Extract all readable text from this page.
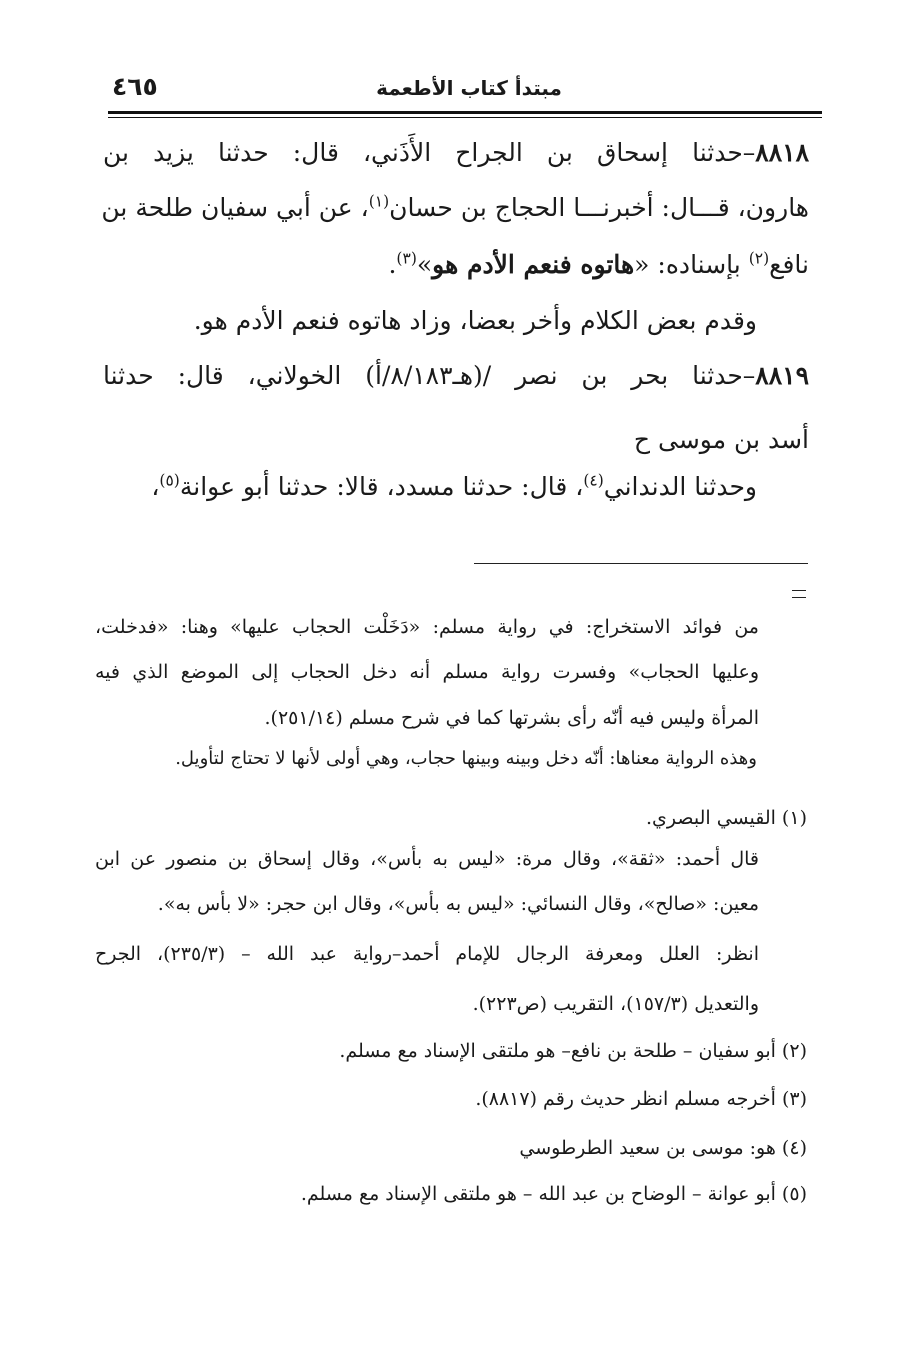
٤٦٥	مبتدأ كتاب الأطعمة
٨٨١٨–حدثنا إسحاق بن الجراح الأَذَني، قال: حدثنا يزيد بن
هارون، قـــال: أخبرنـــا الحجاج بن حسان$^{(١)}$، عن أبي سفيان طلحة بن
نافع$^{(٢)}$ بإسناده: «هاتوه فنعم الأدم هو»$^{(٣)}$.
وقدم بعض الكلام وأخر بعضا، وزاد هاتوه فنعم الأدم هو.
٨٨١٩–حدثنا بحر بن نصر /(هـ٨/١٨٣/أ) الخولاني، قال: حدثنا
أسد بن موسى ح
وحدثنا الدنداني$^{(٤)}$، قال: حدثنا مسدد، قالا: حدثنا أبو عوانة$^{(٥)}$،
من فوائد الاستخراج: في رواية مسلم: «دَخَلْت الحجاب عليها» وهنا: «فدخلت،
وعليها الحجاب» وفسرت رواية مسلم أنه دخل الحجاب إلى الموضع الذي فيه
المرأة وليس فيه أنّه رأى بشرتها كما في شرح مسلم (٢٥١/١٤).
وهذه الرواية معناها: أنّه دخل وبينه وبينها حجاب، وهي أولى لأنها لا تحتاج لتأويل.
(١) القيسي البصري.
قال أحمد: «ثقة»، وقال مرة: «ليس به بأس»، وقال إسحاق بن منصور عن ابن
معين: «صالح»، وقال النسائي: «ليس به بأس»، وقال ابن حجر: «لا بأس به».
انظر: العلل ومعرفة الرجال للإمام أحمد–رواية عبد الله – (٢٣٥/٣)، الجرح
والتعديل (١٥٧/٣)، التقريب (ص٢٢٣).
(٢) أبو سفيان – طلحة بن نافع– هو ملتقى الإسناد مع مسلم.
(٣) أخرجه مسلم انظر حديث رقم (٨٨١٧).
(٤) هو: موسى بن سعيد الطرطوسي
(٥) أبو عوانة – الوضاح بن عبد الله – هو ملتقى الإسناد مع مسلم.
